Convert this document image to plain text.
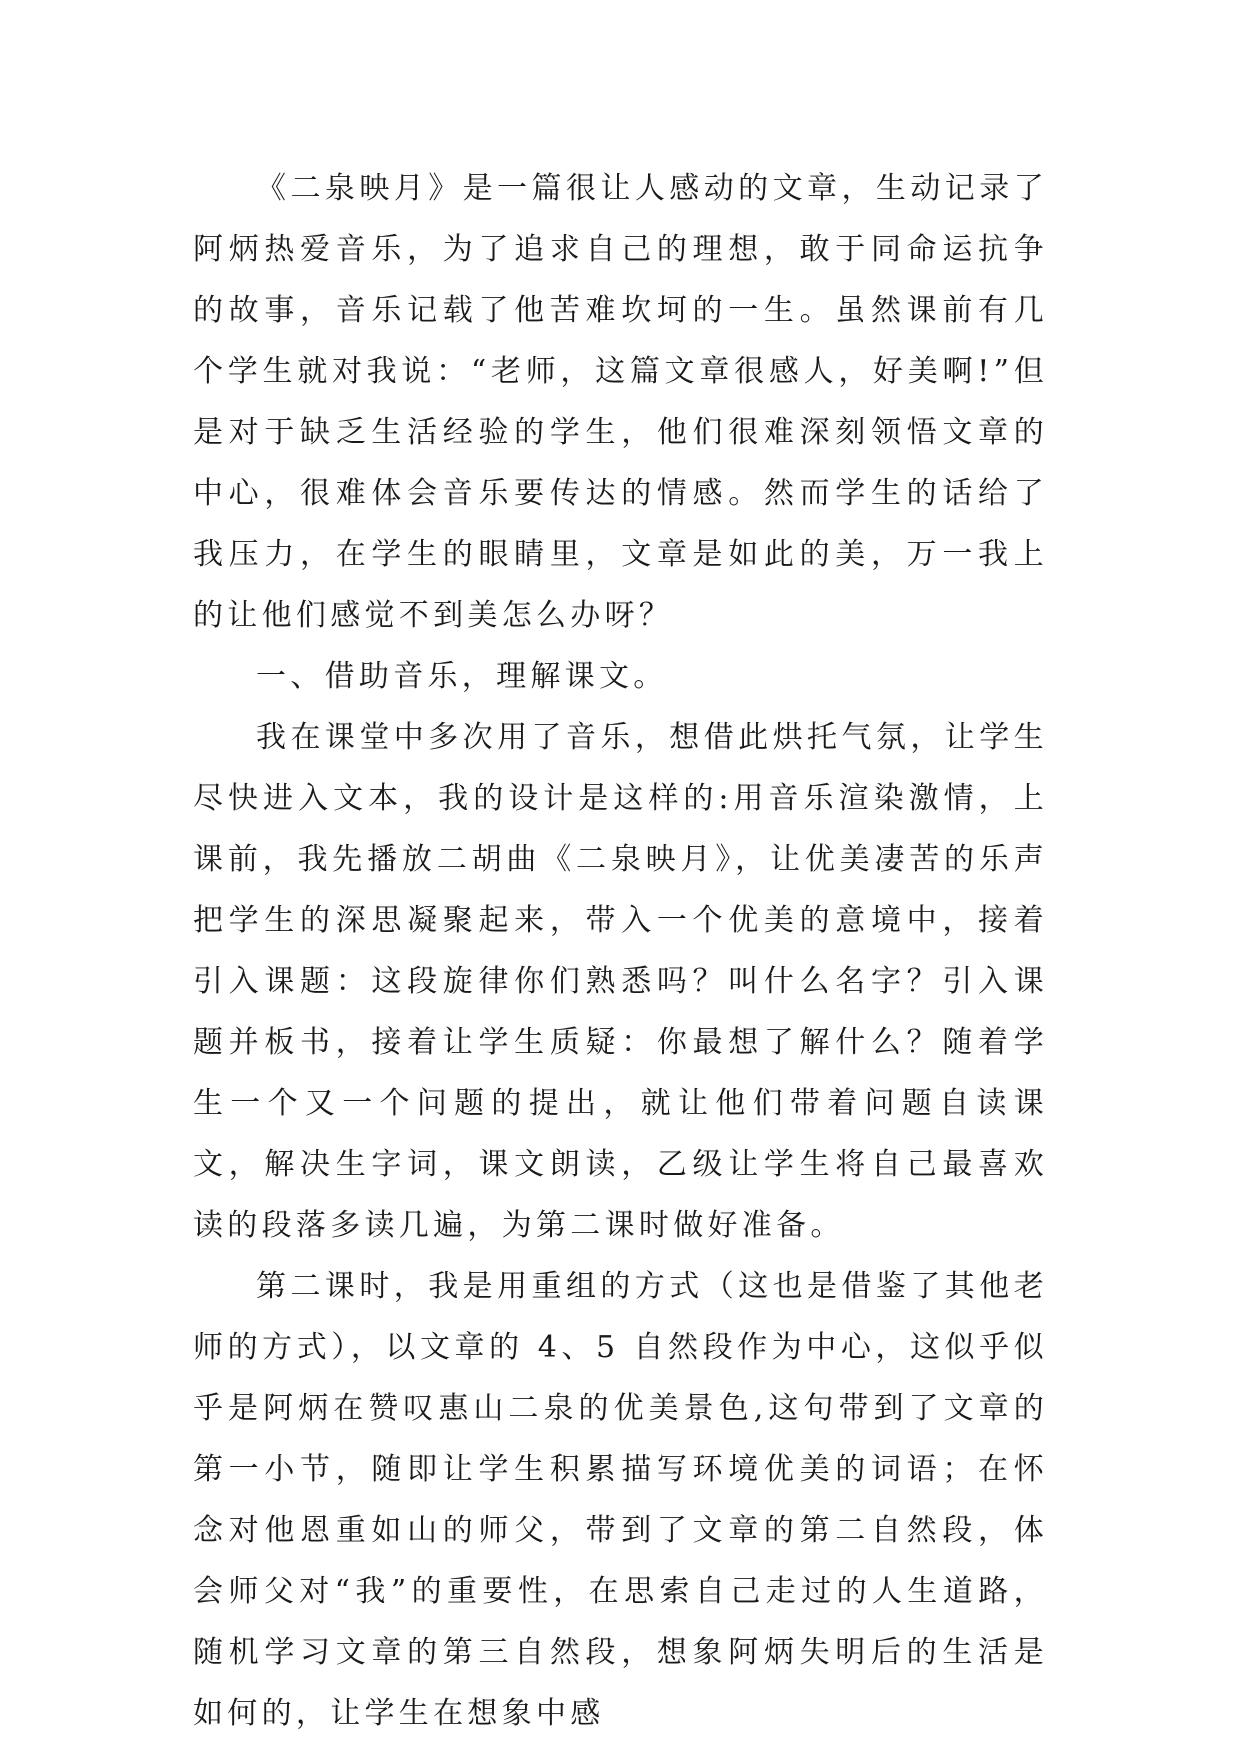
《二泉映月》是一篇很让人感动的文章，生动记录了阿炳热爱音乐，为了追求自己的理想，敢于同命运抗争的故事，音乐记载了他苦难坎坷的一生。虽然课前有几个学生就对我说：“老师，这篇文章很感人，好美啊!”但是对于缺乏生活经验的学生，他们很难深刻领悟文章的中心，很难体会音乐要传达的情感。然而学生的话给了我压力，在学生的眼睛里，文章是如此的美，万一我上的让他们感觉不到美怎么办呀？

一、借助音乐，理解课文。

我在课堂中多次用了音乐，想借此烘托气氛，让学生尽快进入文本，我的设计是这样的:用音乐渲染激情，上课前，我先播放二胡曲《二泉映月》，让优美凄苦的乐声把学生的深思凝聚起来，带入一个优美的意境中，接着引入课题：这段旋律你们熟悉吗？叫什么名字？引入课题并板书，接着让学生质疑：你最想了解什么？随着学生一个又一个问题的提出，就让他们带着问题自读课文，解决生字词，课文朗读，乙级让学生将自己最喜欢读的段落多读几遍，为第二课时做好准备。

第二课时，我是用重组的方式（这也是借鉴了其他老师的方式），以文章的 4、5 自然段作为中心，这似乎似乎是阿炳在赞叹惠山二泉的优美景色,这句带到了文章的第一小节，随即让学生积累描写环境优美的词语；在怀念对他恩重如山的师父，带到了文章的第二自然段，体会师父对“我”的重要性，在思索自己走过的人生道路，随机学习文章的第三自然段，想象阿炳失明后的生活是如何的，让学生在想象中感
